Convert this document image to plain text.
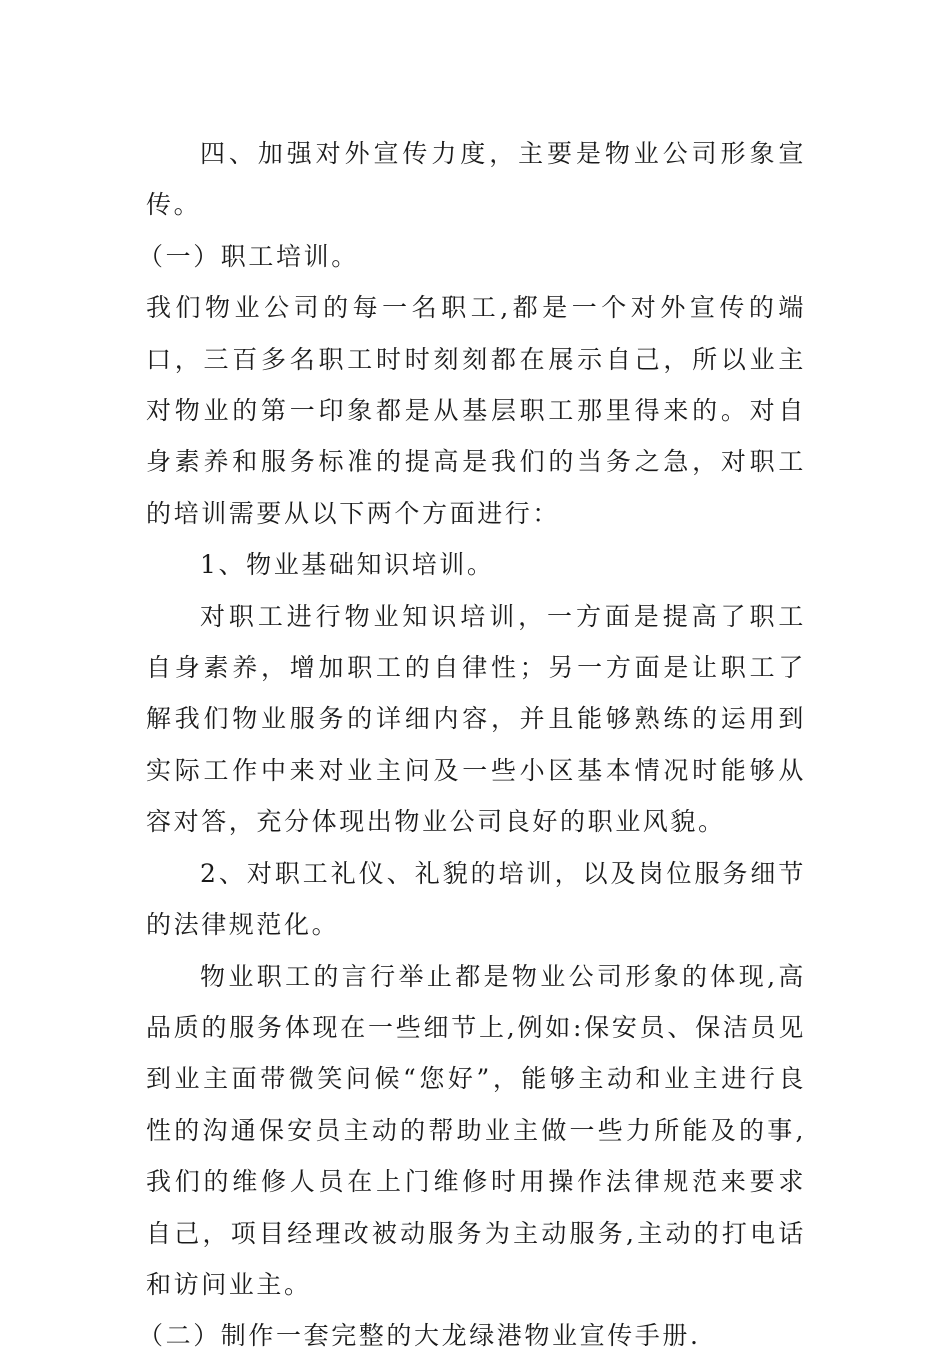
四、加强对外宣传力度，主要是物业公司形象宣传。

（一）职工培训。

我们物业公司的每一名职工,都是一个对外宣传的端口，三百多名职工时时刻刻都在展示自己，所以业主对物业的第一印象都是从基层职工那里得来的。对自身素养和服务标准的提高是我们的当务之急，对职工的培训需要从以下两个方面进行：

1、物业基础知识培训。

对职工进行物业知识培训，一方面是提高了职工自身素养，增加职工的自律性；另一方面是让职工了解我们物业服务的详细内容，并且能够熟练的运用到实际工作中来对业主问及一些小区基本情况时能够从容对答，充分体现出物业公司良好的职业风貌。

2、对职工礼仪、礼貌的培训，以及岗位服务细节的法律规范化。

物业职工的言行举止都是物业公司形象的体现,高品质的服务体现在一些细节上,例如:保安员、保洁员见到业主面带微笑问候“您好”，能够主动和业主进行良性的沟通保安员主动的帮助业主做一些力所能及的事,我们的维修人员在上门维修时用操作法律规范来要求自己，项目经理改被动服务为主动服务,主动的打电话和访问业主。

（二）制作一套完整的大龙绿港物业宣传手册.
